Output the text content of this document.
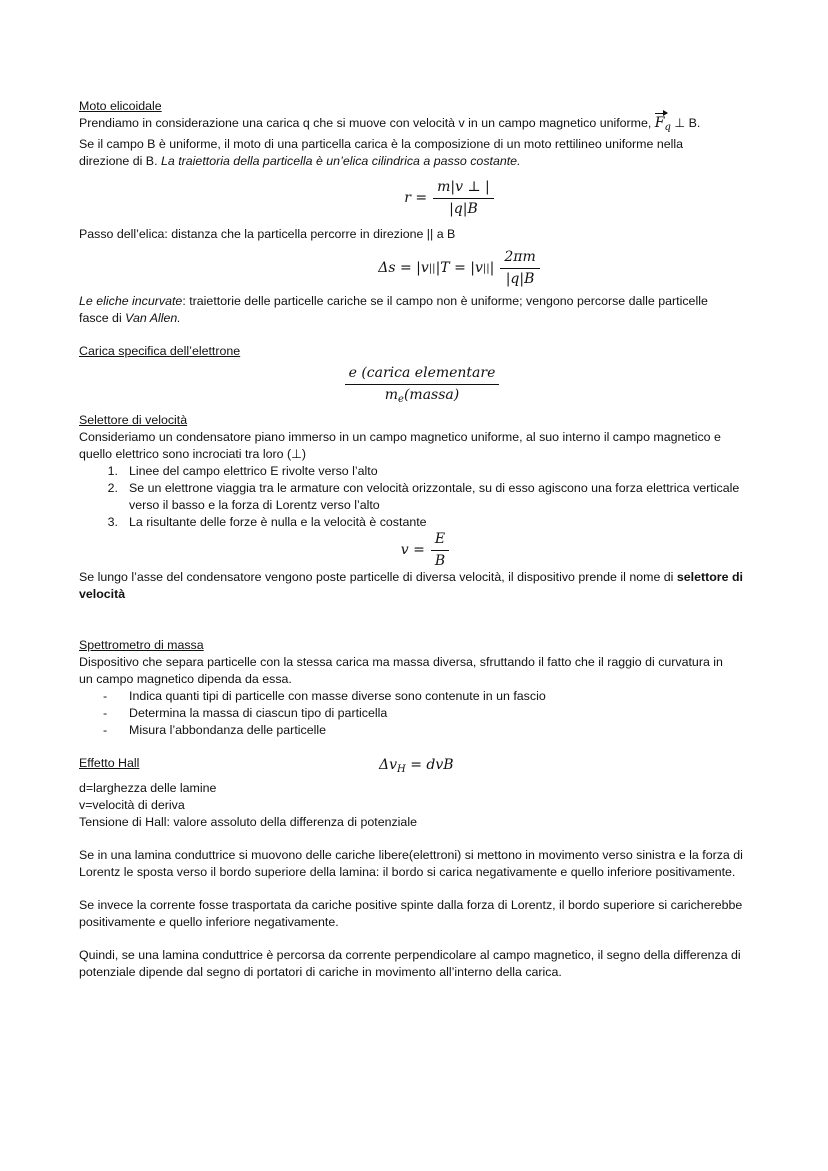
Moto elicoidale

Prendiamo in considerazione una carica q che si muove con velocità v in un campo magnetico uniforme, $F_q$ ⊥ B.

Se il campo B è uniforme, il moto di una particella carica è la composizione di un moto rettilineo uniforme nella

direzione di B. La traiettoria della particella è un’elica cilindrica a passo costante.

$r = \frac{m|v \perp |}{|q|B}$

Passo dell’elica: distanza che la particella percorre in direzione || a B

Δs = |v || |T = |v || | $\frac{2\pi m}{|q|B}$

Le eliche incurvate: traiettorie delle particelle cariche se il campo non è uniforme; vengono percorse dalle particelle

fasce di Van Allen.

Carica specifica dell’elettrone

$\frac{\text{e (carica elementare}}{m_e(massa)}$

Selettore di velocità

Consideriamo un condensatore piano immerso in un campo magnetico uniforme, al suo interno il campo magnetico e

quello elettrico sono incrociati tra loro (⊥)

1. Linee del campo elettrico E rivolte verso l’alto
2. Se un elettrone viaggia tra le armature con velocità orizzontale, su di esso agiscono una forza elettrica verticale verso il basso e la forza di Lorentz verso l’alto
3. La risultante delle forze è nulla e la velocità è costante
$v = \frac{E}{B}$

Se lungo l’asse del condensatore vengono poste particelle di diversa velocità, il dispositivo prende il nome di selettore di velocità

Spettrometro di massa

Dispositivo che separa particelle con la stessa carica ma massa diversa, sfruttando il fatto che il raggio di curvatura in

un campo magnetico dipenda da essa.

-	Indica quanti tipi di particelle con masse diverse sono contenute in un fascio
-	Determina la massa di ciascun tipo di particella
-	Misura l’abbondanza delle particelle

Effetto Hall	$\Delta v_H$ = dvB

d=larghezza delle lamine

v=velocità di deriva

Tensione di Hall: valore assoluto della differenza di potenziale

Se in una lamina conduttrice si muovono delle cariche libere(elettroni) si mettono in movimento verso sinistra e la forza di Lorentz le sposta verso il bordo superiore della lamina: il bordo si carica negativamente e quello inferiore positivamente.

Se invece la corrente fosse trasportata da cariche positive spinte dalla forza di Lorentz, il bordo superiore si caricherebbe positivamente e quello inferiore negativamente.

Quindi, se una lamina conduttrice è percorsa da corrente perpendicolare al campo magnetico, il segno della differenza di potenziale dipende dal segno di portatori di cariche in movimento all’interno della carica.
